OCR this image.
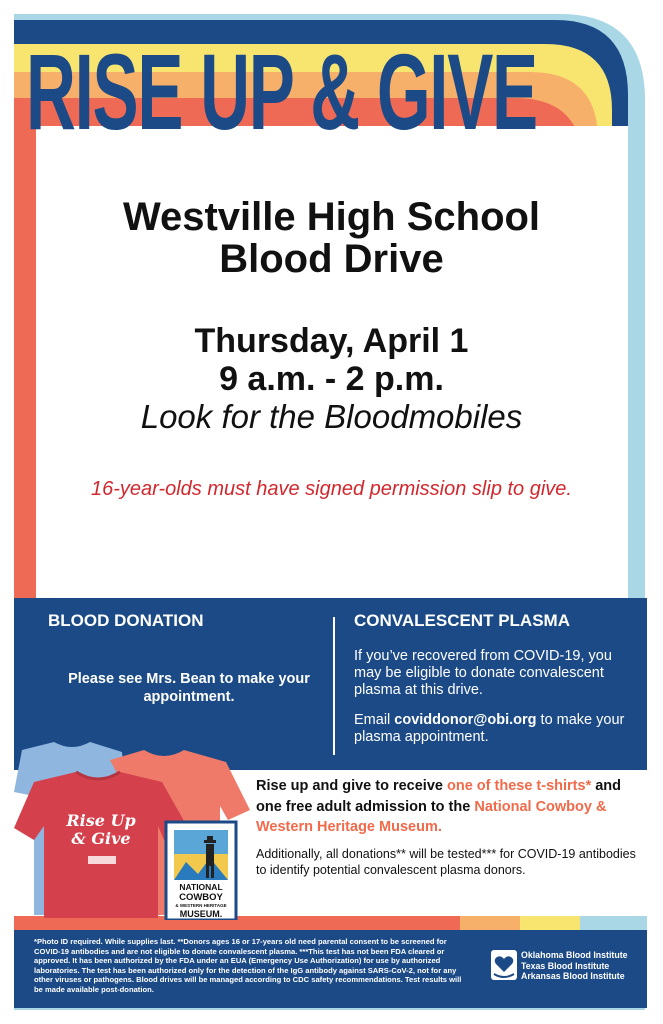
RISE UP & GIVE
Westville High School
Blood Drive
Thursday, April 1
9 a.m. - 2 p.m.
Look for the Bloodmobiles
16-year-olds must have signed permission slip to give.
BLOOD DONATION	CONVALESCENT PLASMA
Please see Mrs. Bean to make your appointment.
If you’ve recovered from COVID-19, you may be eligible to donate convalescent plasma at this drive.
Email coviddonor@obi.org to make your plasma appointment.
Rise Up
& Give
NATIONAL
COWBOY
& WESTERN HERITAGE
MUSEUM.
Rise up and give to receive one of these t-shirts* and one free adult admission to the National Cowboy & Western Heritage Museum.
Additionally, all donations** will be tested*** for COVID-19 antibodies to identify potential convalescent plasma donors.
*Photo ID required. While supplies last. **Donors ages 16 or 17-years old need parental consent to be screened for COVID-19 antibodies and are not eligible to donate convalescent plasma. ***This test has not been FDA cleared or approved. It has been authorized by the FDA under an EUA (Emergency Use Authorization) for use by authorized laboratories. The test has been authorized only for the detection of the IgG antibody against SARS-CoV-2, not for any other viruses or pathogens. Blood drives will be managed according to CDC safety recommendations. Test results will be made available post-donation.
Oklahoma Blood Institute
Texas Blood Institute
Arkansas Blood Institute
